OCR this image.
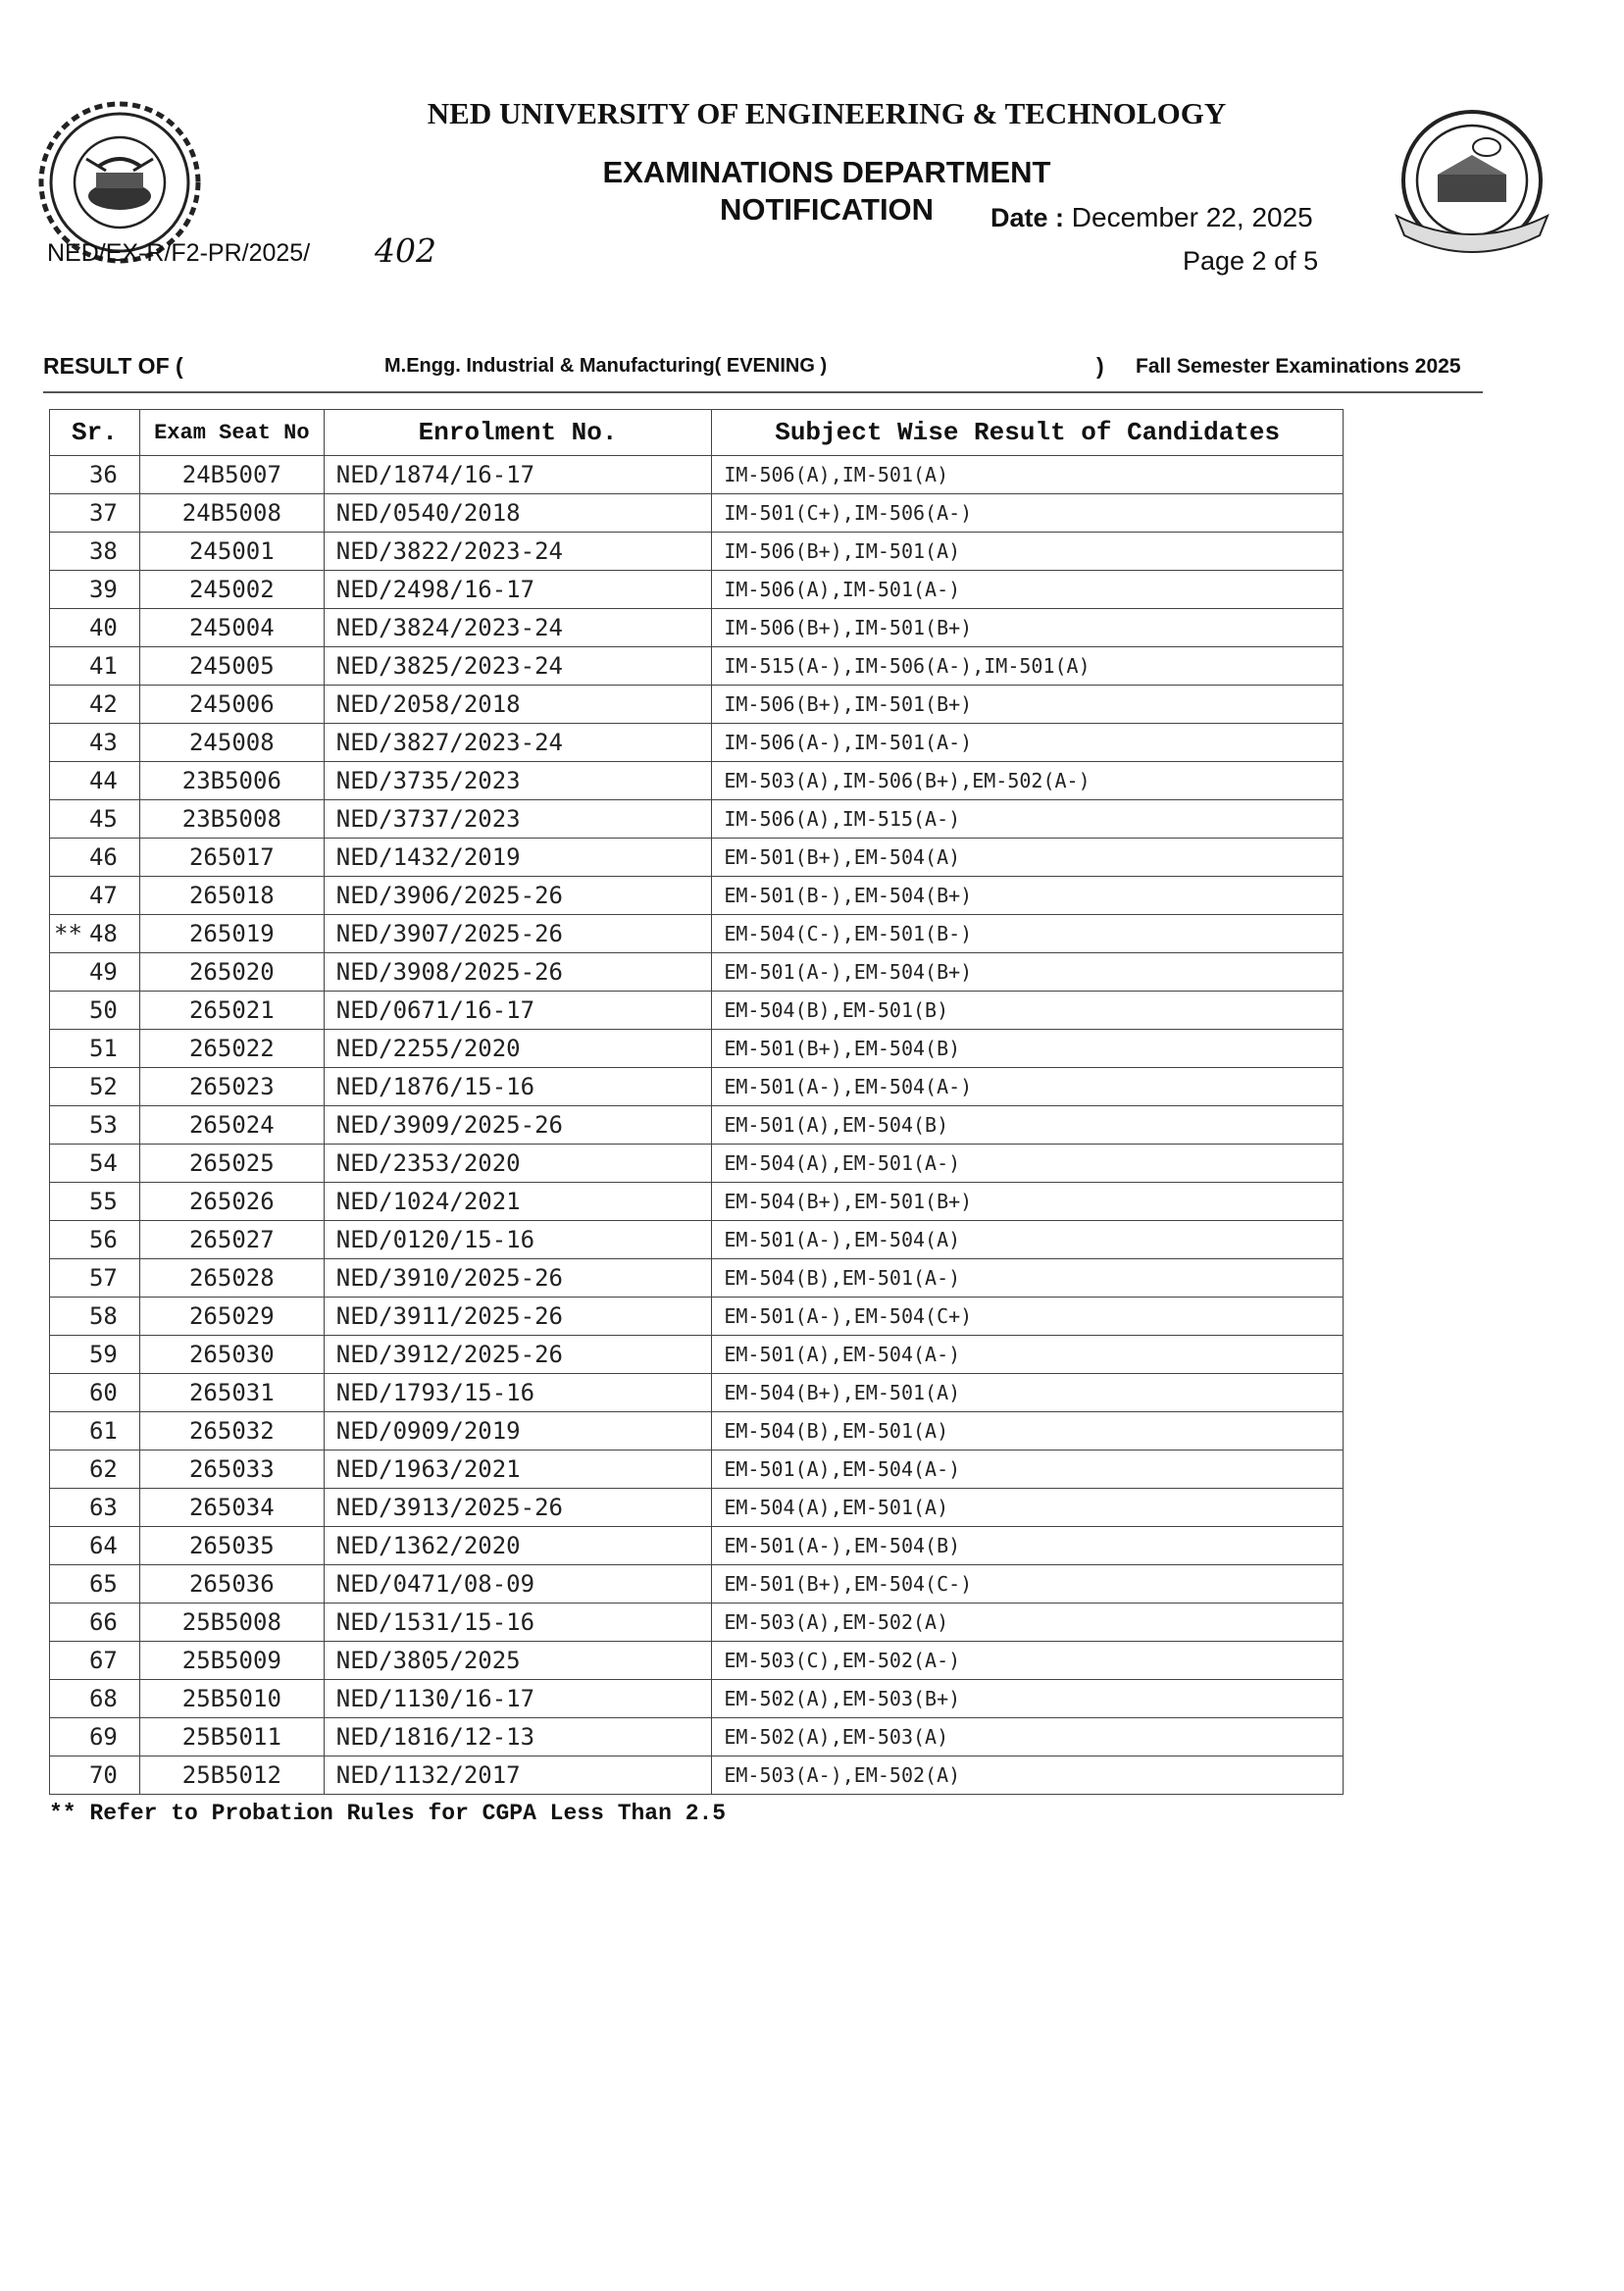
NED UNIVERSITY OF ENGINEERING & TECHNOLOGY
EXAMINATIONS DEPARTMENT
NOTIFICATION
NED/EX-R/F2-PR/2025/ 402
Date : December 22, 2025
Page 2 of 5
RESULT OF (	M.Engg. Industrial & Manufacturing( EVENING )	) Fall Semester Examinations 2025
Sr.	Exam Seat No	Enrolment No.	Subject Wise Result of Candidates

36	24B5007	NED/1874/16-17	IM-506(A),IM-501(A)

37	24B5008	NED/0540/2018	IM-501(C+),IM-506(A-)

38	245001	NED/3822/2023-24	IM-506(B+),IM-501(A)

39	245002	NED/2498/16-17	IM-506(A),IM-501(A-)

40	245004	NED/3824/2023-24	IM-506(B+),IM-501(B+)

41	245005	NED/3825/2023-24	IM-515(A-),IM-506(A-),IM-501(A)

42	245006	NED/2058/2018	IM-506(B+),IM-501(B+)

43	245008	NED/3827/2023-24	IM-506(A-),IM-501(A-)

44	23B5006	NED/3735/2023	EM-503(A),IM-506(B+),EM-502(A-)

45	23B5008	NED/3737/2023	IM-506(A),IM-515(A-)

46	265017	NED/1432/2019	EM-501(B+),EM-504(A)

47	265018	NED/3906/2025-26	EM-501(B-),EM-504(B+)

** 48	265019	NED/3907/2025-26	EM-504(C-),EM-501(B-)

49	265020	NED/3908/2025-26	EM-501(A-),EM-504(B+)

50	265021	NED/0671/16-17	EM-504(B),EM-501(B)

51	265022	NED/2255/2020	EM-501(B+),EM-504(B)

52	265023	NED/1876/15-16	EM-501(A-),EM-504(A-)

53	265024	NED/3909/2025-26	EM-501(A),EM-504(B)

54	265025	NED/2353/2020	EM-504(A),EM-501(A-)

55	265026	NED/1024/2021	EM-504(B+),EM-501(B+)

56	265027	NED/0120/15-16	EM-501(A-),EM-504(A)

57	265028	NED/3910/2025-26	EM-504(B),EM-501(A-)

58	265029	NED/3911/2025-26	EM-501(A-),EM-504(C+)

59	265030	NED/3912/2025-26	EM-501(A),EM-504(A-)

60	265031	NED/1793/15-16	EM-504(B+),EM-501(A)

61	265032	NED/0909/2019	EM-504(B),EM-501(A)

62	265033	NED/1963/2021	EM-501(A),EM-504(A-)

63	265034	NED/3913/2025-26	EM-504(A),EM-501(A)

64	265035	NED/1362/2020	EM-501(A-),EM-504(B)

65	265036	NED/0471/08-09	EM-501(B+),EM-504(C-)

66	25B5008	NED/1531/15-16	EM-503(A),EM-502(A)

67	25B5009	NED/3805/2025	EM-503(C),EM-502(A-)

68	25B5010	NED/1130/16-17	EM-502(A),EM-503(B+)

69	25B5011	NED/1816/12-13	EM-502(A),EM-503(A)

70	25B5012	NED/1132/2017	EM-503(A-),EM-502(A)
** Refer to Probation Rules for CGPA Less Than 2.5
